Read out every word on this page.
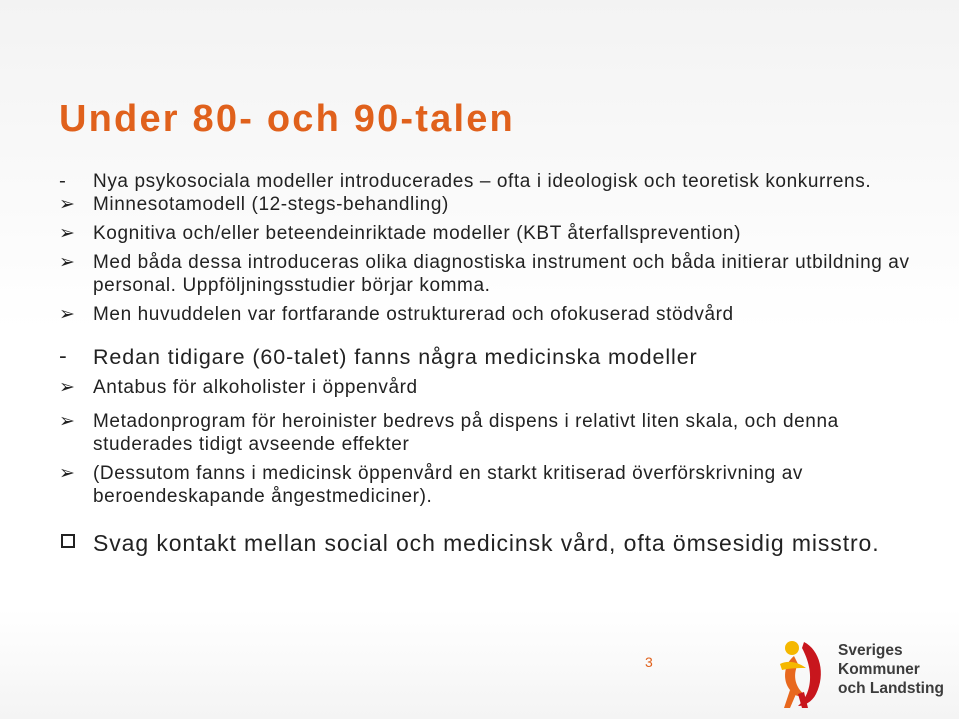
Under 80- och 90-talen
-	Nya psykosociala modeller introducerades – ofta i ideologisk och teoretisk konkurrens.
➢ Minnesotamodell (12-stegs-behandling)
➢ Kognitiva och/eller beteendeinriktade modeller (KBT återfallsprevention)
➢ Med båda dessa introduceras olika diagnostiska instrument och båda initierar utbildning av personal. Uppföljningsstudier börjar komma.
➢ Men huvuddelen var fortfarande ostrukturerad och ofokuserad stödvård
-	Redan tidigare (60-talet) fanns några medicinska modeller
➢ Antabus för alkoholister i öppenvård
➢ Metadonprogram för heroinister bedrevs på dispens i relativt liten skala, och denna studerades tidigt avseende effekter
➢ (Dessutom fanns i medicinsk öppenvård en starkt kritiserad överförskrivning av beroendeskapande ångestmediciner).
Svag kontakt mellan social och medicinsk vård, ofta ömsesidig misstro.
3
Sveriges
Kommuner
och Landsting
